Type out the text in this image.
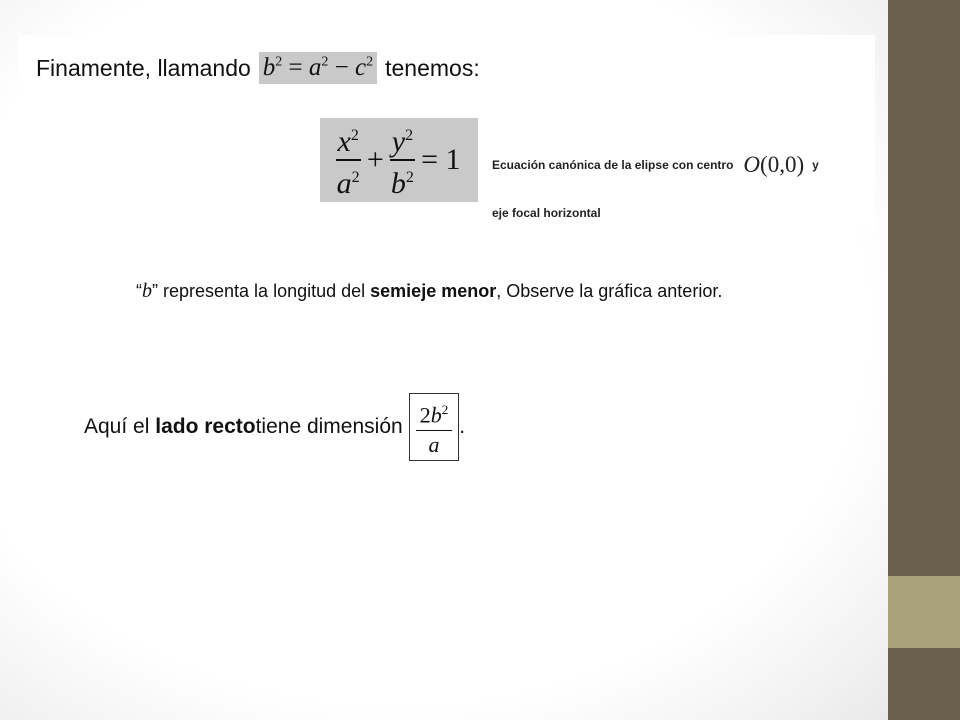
Finamente, llamando $b^2 = a^2 - c^2$ tenemos:
$\frac{x^2}{a^2} + \frac{y^2}{b^2} = 1$	Ecuación canónica de la elipse con centro O(0,0) y
eje focal horizontal
“b” representa la longitud del semieje menor, Observe la gráfica anterior.
Aquí el
lado recto tiene dimensión $\frac{2b^2}{a}$ .
